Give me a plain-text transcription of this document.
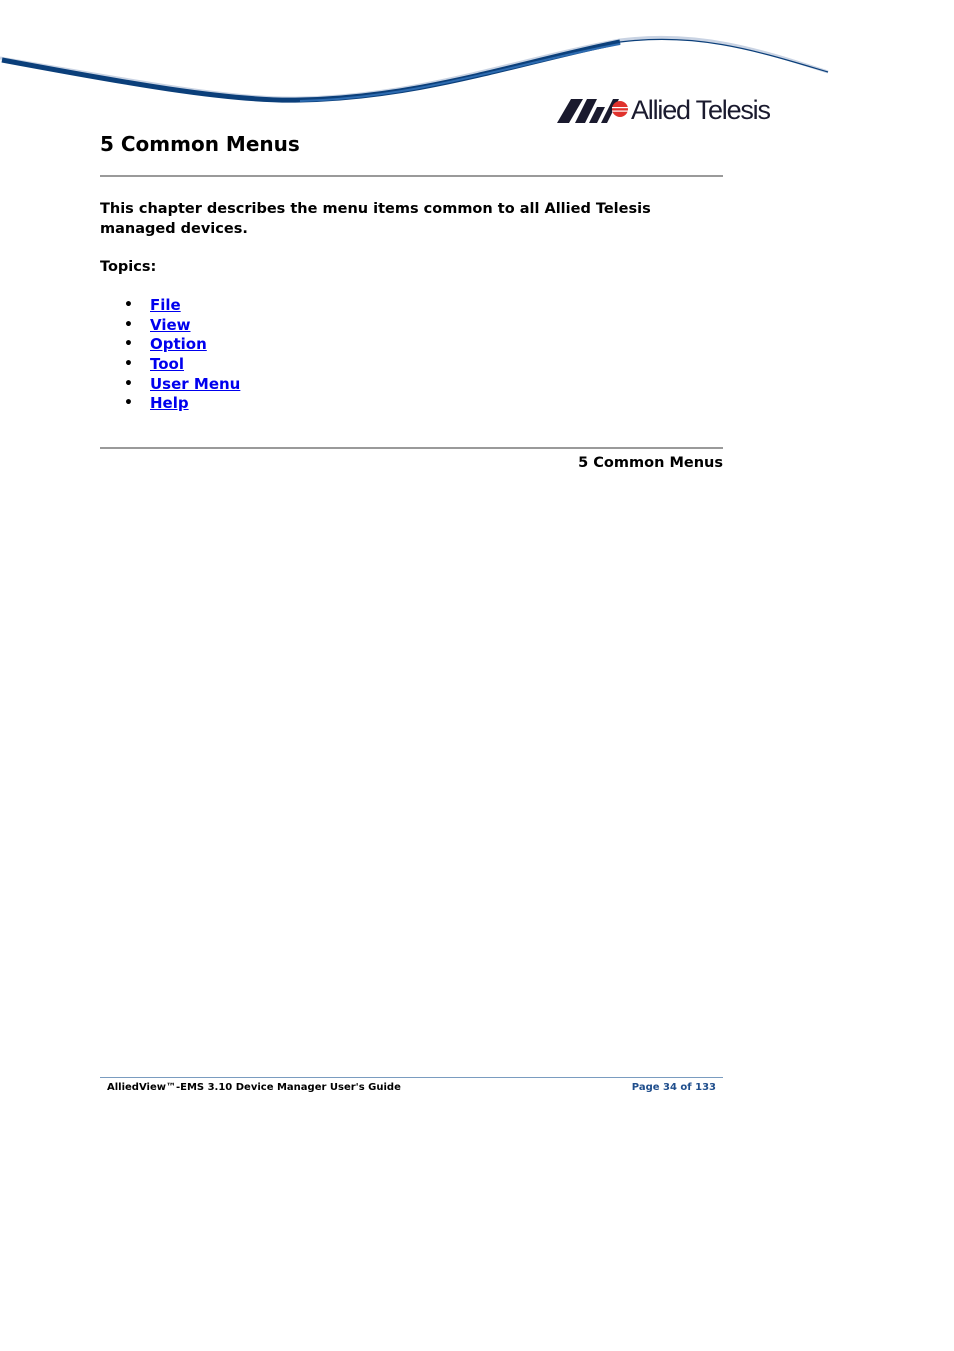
Allied Telesis
5 Common Menus

This chapter describes the menu items common to all Allied Telesis managed devices.

Topics:

• File
• View
• Option
• Tool
• User Menu
• Help

5 Common Menus

AlliedView™-EMS 3.10 Device Manager User's Guide	Page 34 of 133
